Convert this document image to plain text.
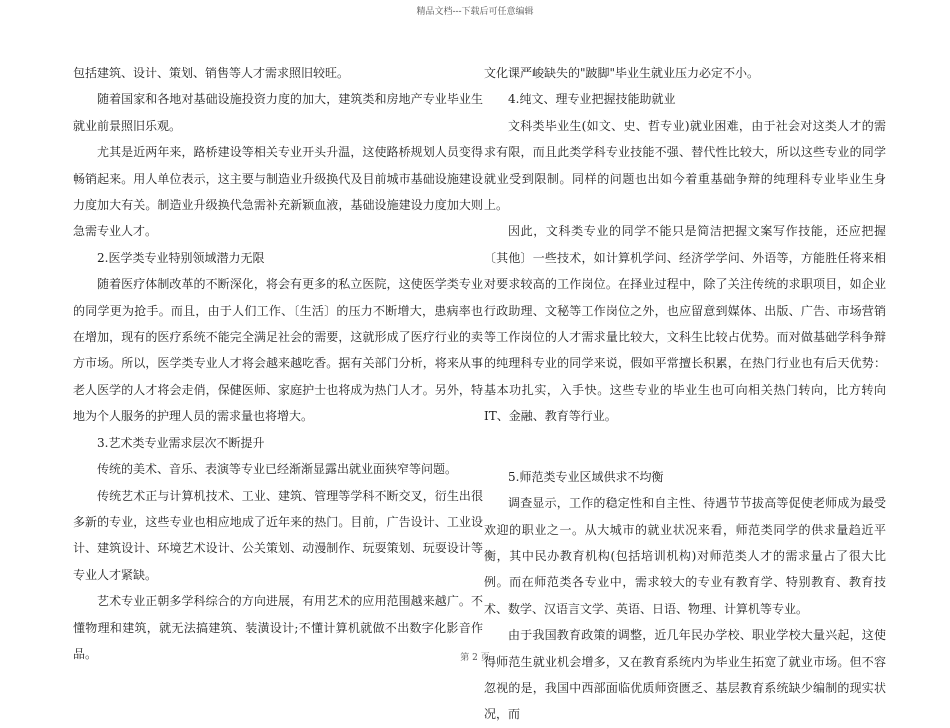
精品文档---下载后可任意编辑

包括建筑、设计、策划、销售等人才需求照旧较旺。

随着国家和各地对基础设施投资力度的加大，建筑类和房地产专业毕业生就业前景照旧乐观。

尤其是近两年来，路桥建设等相关专业开头升温，这使路桥规划人员变得畅销起来。用人单位表示，这主要与制造业升级换代及目前城市基础设施建设力度加大有关。制造业升级换代急需补充新颖血液，基础设施建设力度加大则急需专业人才。

2.医学类专业特别领域潜力无限

随着医疗体制改革的不断深化，将会有更多的私立医院，这使医学类专业的同学更为抢手。而且，由于人们工作、〔生活〕的压力不断增大，患病率也在增加，现有的医疗系统不能完全满足社会的需要，这就形成了医疗行业的卖方市场。所以，医学类专业人才将会越来越吃香。据有关部门分析，将来从事老人医学的人才将会走俏，保健医师、家庭护士也将成为热门人才。另外，特地为个人服务的护理人员的需求量也将增大。

3.艺术类专业需求层次不断提升

传统的美术、音乐、表演等专业已经渐渐显露出就业面狭窄等问题。

传统艺术正与计算机技术、工业、建筑、管理等学科不断交叉，衍生出很多新的专业，这些专业也相应地成了近年来的热门。目前，广告设计、工业设计、建筑设计、环境艺术设计、公关策划、动漫制作、玩耍策划、玩耍设计等专业人才紧缺。

艺术专业正朝多学科综合的方向进展，有用艺术的应用范围越来越广。不懂物理和建筑，就无法搞建筑、装潢设计;不懂计算机就做不出数字化影音作品。

文化课严峻缺失的"跛脚"毕业生就业压力必定不小。

4.纯文、理专业把握技能助就业

文科类毕业生(如文、史、哲专业)就业困难，由于社会对这类人才的需求有限，而且此类学科专业技能不强、替代性比较大，所以这些专业的同学就业受到限制。同样的问题也出如今着重基础争辩的纯理科专业毕业生身上。

因此，文科类专业的同学不能只是简洁把握文案写作技能，还应把握〔其他〕一些技术，如计算机学问、经济学学问、外语等，方能胜任将来相对要求较高的工作岗位。在择业过程中，除了关注传统的求职项目，如企业行政助理、文秘等工作岗位之外，也应留意到媒体、出版、广告、市场营销等工作岗位的人才需求量比较大，文科生比较占优势。而对做基础学科争辩的纯理科专业的同学来说，假如平常擅长积累，在热门行业也有后天优势：基本功扎实，入手快。这些专业的毕业生也可向相关热门转向，比方转向IT、金融、教育等行业。

5.师范类专业区域供求不均衡

调查显示，工作的稳定性和自主性、待遇节节拔高等促使老师成为最受欢迎的职业之一。从大城市的就业状况来看，师范类同学的供求量趋近平衡，其中民办教育机构(包括培训机构)对师范类人才的需求量占了很大比例。而在师范类各专业中，需求较大的专业有教育学、特别教育、教育技术、数学、汉语言文学、英语、日语、物理、计算机等专业。

由于我国教育政策的调整，近几年民办学校、职业学校大量兴起，这使得师范生就业机会增多，又在教育系统内为毕业生拓宽了就业市场。但不容忽视的是，我国中西部面临优质师资匮乏、基层教育系统缺少编制的现实状况，而

第 2 页
